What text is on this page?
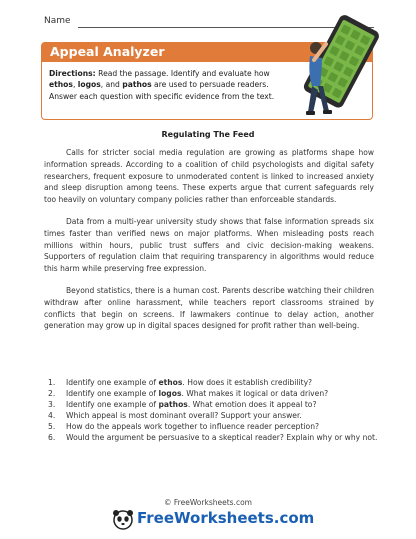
Name
Appeal Analyzer
Directions: Read the passage. Identify and evaluate how ethos, logos, and pathos are used to persuade readers. Answer each question with specific evidence from the text.
Regulating The Feed

Calls for stricter social media regulation are growing as platforms shape how information spreads. According to a coalition of child psychologists and digital safety researchers, frequent exposure to unmoderated content is linked to increased anxiety and sleep disruption among teens. These experts argue that current safeguards rely too heavily on voluntary company policies rather than enforceable standards.

Data from a multi-year university study shows that false information spreads six times faster than verified news on major platforms. When misleading posts reach millions within hours, public trust suffers and civic decision-making weakens. Supporters of regulation claim that requiring transparency in algorithms would reduce this harm while preserving free expression.

Beyond statistics, there is a human cost. Parents describe watching their children withdraw after online harassment, while teachers report classrooms strained by conflicts that begin on screens. If lawmakers continue to delay action, another generation may grow up in digital spaces designed for profit rather than well-being.

1. Identify one example of ethos. How does it establish credibility?
2. Identify one example of logos. What makes it logical or data driven?
3. Identify one example of pathos. What emotion does it appeal to?
4. Which appeal is most dominant overall? Support your answer.
5. How do the appeals work together to influence reader perception?
6. Would the argument be persuasive to a skeptical reader? Explain why or why not.
© FreeWorksheets.com
FreeWorksheets.com
